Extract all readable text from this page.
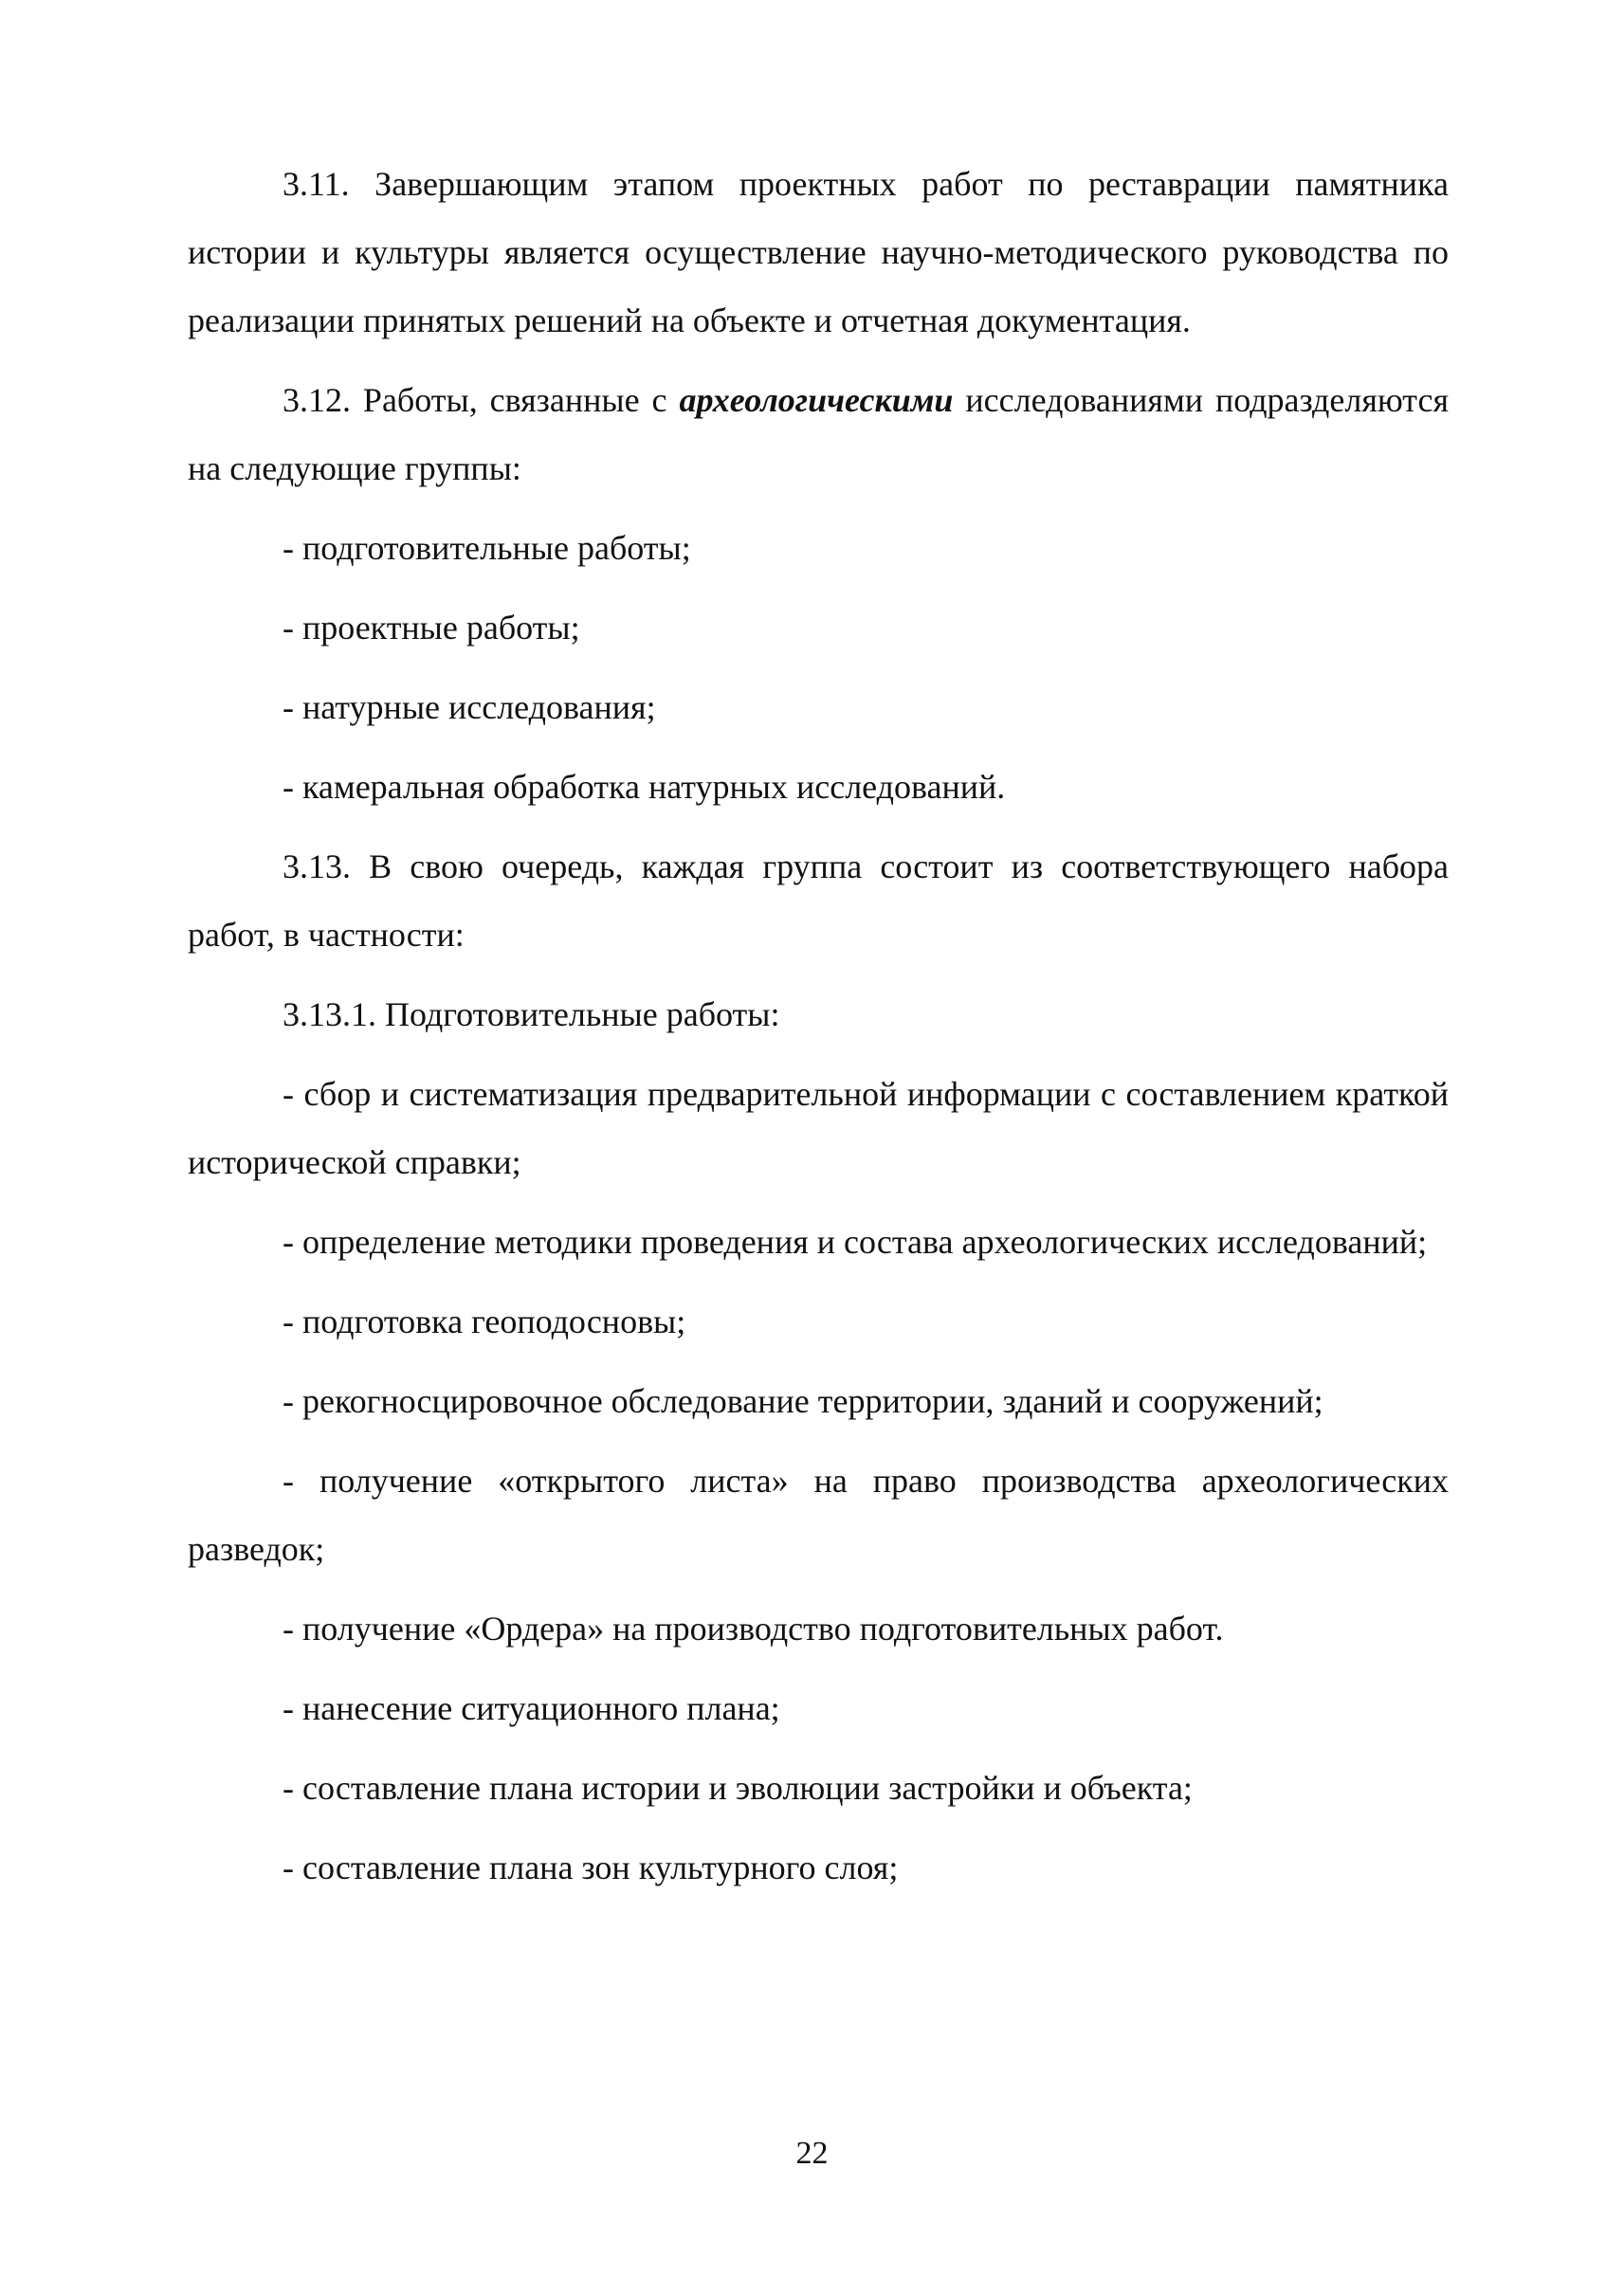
3.11. Завершающим этапом проектных работ по реставрации памятника истории и культуры является осуществление научно-методического руководства по реализации принятых решений на объекте и отчетная документация.

3.12. Работы, связанные с археологическими исследованиями подразделяются на следующие группы:

- подготовительные работы;

- проектные работы;

- натурные исследования;

- камеральная обработка натурных исследований.

3.13. В свою очередь, каждая группа состоит из соответствующего набора работ, в частности:

3.13.1. Подготовительные работы:

- сбор и систематизация предварительной информации с составлением краткой исторической справки;

- определение методики проведения и состава археологических исследований;

- подготовка геоподосновы;

- рекогносцировочное обследование территории, зданий и сооружений;

- получение «открытого листа» на право производства археологических разведок;

- получение «Ордера» на производство подготовительных работ.

- нанесение ситуационного плана;

- составление плана истории и эволюции застройки и объекта;

- составление плана зон культурного слоя;

22
